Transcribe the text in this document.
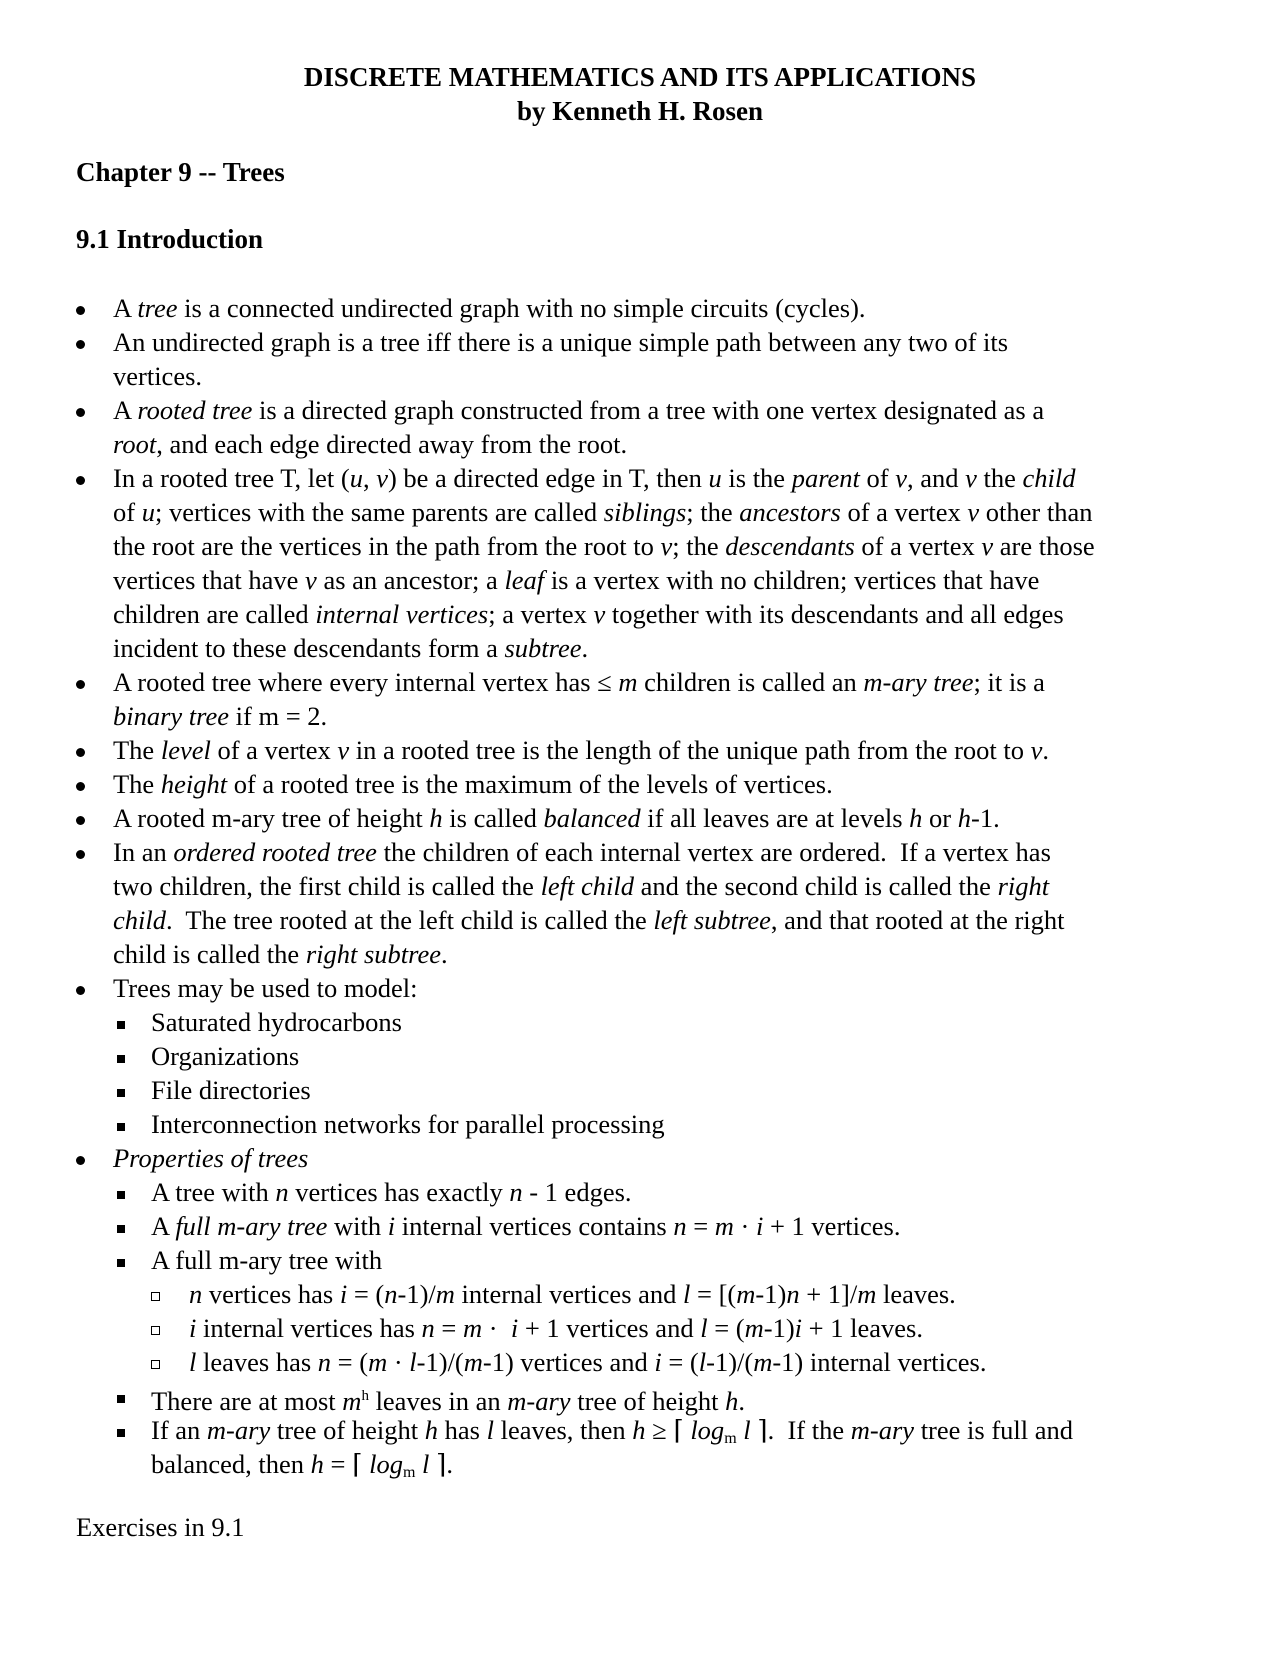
DISCRETE MATHEMATICS AND ITS APPLICATIONS
by Kenneth H. Rosen
Chapter 9 -- Trees
9.1 Introduction
A tree is a connected undirected graph with no simple circuits (cycles).
An undirected graph is a tree iff there is a unique simple path between any two of its
vertices.
A rooted tree is a directed graph constructed from a tree with one vertex designated as a
root, and each edge directed away from the root.
In a rooted tree T, let (u, v) be a directed edge in T, then u is the parent of v, and v the child
of u; vertices with the same parents are called siblings; the ancestors of a vertex v other than
the root are the vertices in the path from the root to v; the descendants of a vertex v are those
vertices that have v as an ancestor; a leaf is a vertex with no children; vertices that have
children are called internal vertices; a vertex v together with its descendants and all edges
incident to these descendants form a subtree.
A rooted tree where every internal vertex has ≤ m children is called an m-ary tree; it is a
binary tree if m = 2.
The level of a vertex v in a rooted tree is the length of the unique path from the root to v.
The height of a rooted tree is the maximum of the levels of vertices.
A rooted m-ary tree of height h is called balanced if all leaves are at levels h or h-1.
In an ordered rooted tree the children of each internal vertex are ordered.  If a vertex has
two children, the first child is called the left child and the second child is called the right
child.  The tree rooted at the left child is called the left subtree, and that rooted at the right
child is called the right subtree.
Trees may be used to model:
Saturated hydrocarbons
Organizations
File directories
Interconnection networks for parallel processing
Properties of trees
A tree with n vertices has exactly n - 1 edges.
A full m-ary tree with i internal vertices contains n = m · i + 1 vertices.
A full m-ary tree with
n vertices has i = (n-1)/m internal vertices and l = [(m-1)n + 1]/m leaves.
i internal vertices has n = m ·  i + 1 vertices and l = (m-1)i + 1 leaves.
l leaves has n = (m · l-1)/(m-1) vertices and i = (l-1)/(m-1) internal vertices.
There are at most $m^h$ leaves in an m-ary tree of height h.
If an m-ary tree of height h has l leaves, then h ≥ ⌈ $\log_m l$ ⌉.  If the m-ary tree is full and
balanced, then h = ⌈ $\log_m l$ ⌉.
Exercises in 9.1
